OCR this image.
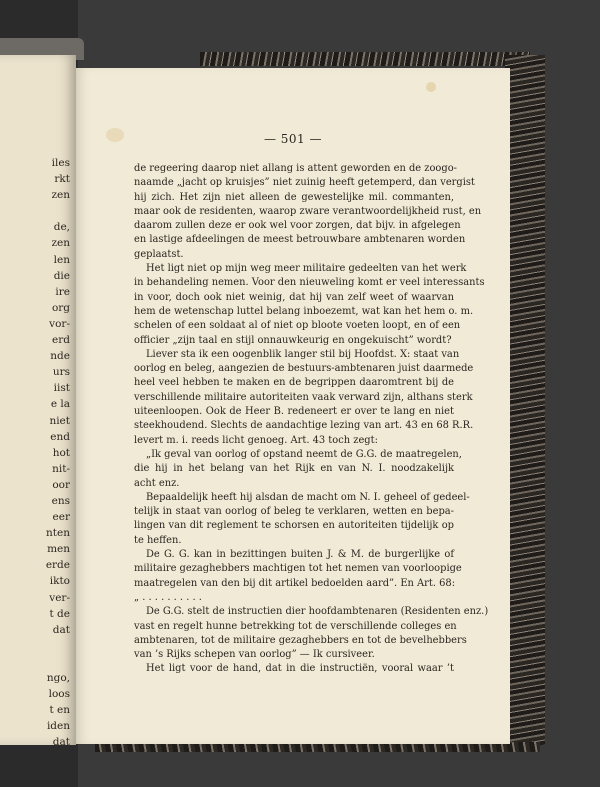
iles
rkt
zen

de,
zen
len
die
ire
org
vor-
erd
nde
urs
iist
e la
niet
end
hot
nit-
oor
ens
eer
nten
men
erde
ikto
ver-
t de
dat

ngo,
loos
t en
iden
dat
— 501 —
de regeering daarop niet allang is attent geworden en de zoogo-
naamde „jacht op kruisjes” niet zuinig heeft getemperd, dan vergist
hij zich. Het zijn niet alleen de gewestelijke mil. commanten,
maar ook de residenten, waarop zware verantwoordelijkheid rust, en
daarom zullen deze er ook wel voor zorgen, dat bijv. in afgelegen
en lastige afdeelingen de meest betrouwbare ambtenaren worden
geplaatst.
Het ligt niet op mijn weg meer militaire gedeelten van het werk
in behandeling nemen. Voor den nieuweling komt er veel interessants
in voor, doch ook niet weinig, dat hij van zelf weet of waarvan
hem de wetenschap luttel belang inboezemt, wat kan het hem o. m.
schelen of een soldaat al of niet op bloote voeten loopt, en of een
officier „zijn taal en stijl onnauwkeurig en ongekuischt” wordt?
Liever sta ik een oogenblik langer stil bij Hoofdst. X: staat van
oorlog en beleg, aangezien de bestuurs-ambtenaren juist daarmede
heel veel hebben te maken en de begrippen daaromtrent bij de
verschillende militaire autoriteiten vaak verward zijn, althans sterk
uiteenloopen. Ook de Heer B. redeneert er over te lang en niet
steekhoudend. Slechts de aandachtige lezing van art. 43 en 68 R.R.
levert m. i. reeds licht genoeg. Art. 43 toch zegt:
„Ik geval van oorlog of opstand neemt de G.G. de maatregelen,
die hij in het belang van het Rijk en van N. I. noodzakelijk
acht enz.
Bepaaldelijk heeft hij alsdan de macht om N. I. geheel of gedeel-
telijk in staat van oorlog of beleg te verklaren, wetten en bepa-
lingen van dit reglement te schorsen en autoriteiten tijdelijk op
te heffen.
De G. G. kan in bezittingen buiten J. & M. de burgerlijke of
militaire gezaghebbers machtigen tot het nemen van voorloopige
maatregelen van den bij dit artikel bedoelden aard”. En Art. 68:
„ . . . . . . . . . .
De G.G. stelt de instructien dier hoofdambtenaren (Residenten enz.)
vast en regelt hunne betrekking tot de verschillende colleges en
ambtenaren, tot de militaire gezaghebbers en tot de bevelhebbers
van ’s Rijks schepen van oorlog” — Ik cursiveer.
Het ligt voor de hand, dat in die instructiën, vooral waar ’t
